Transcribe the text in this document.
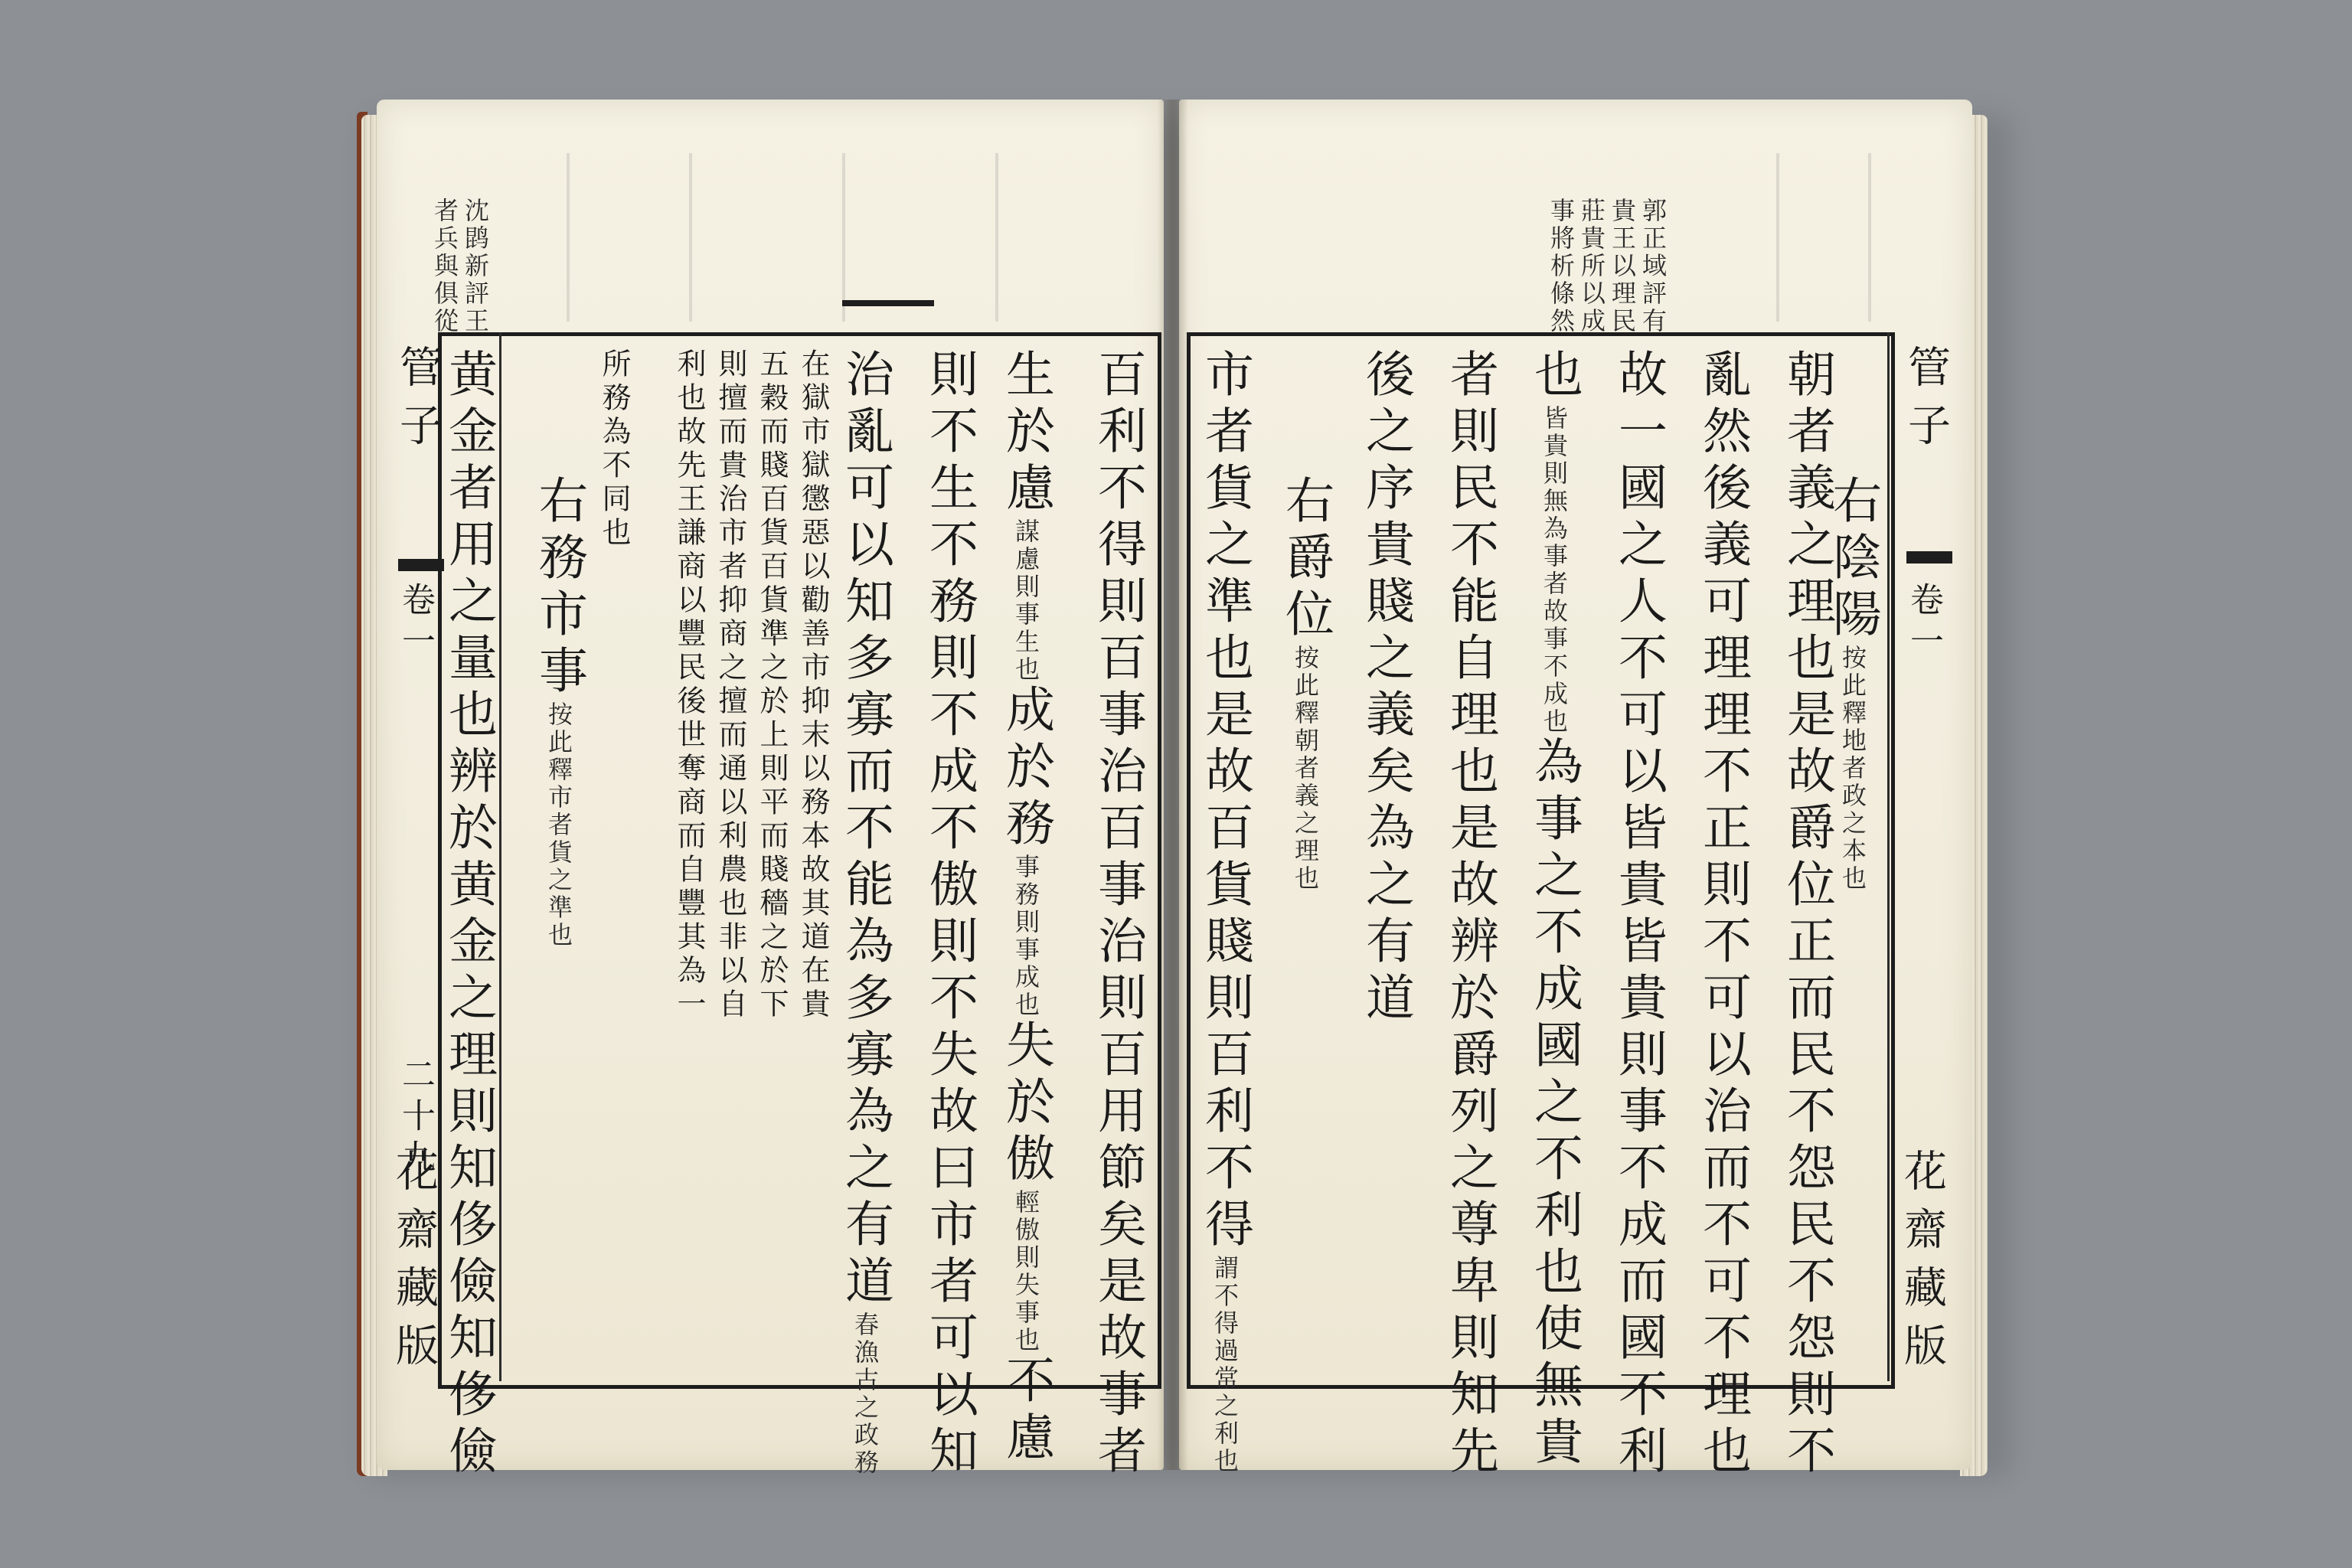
沈鹍新評王
者兵與俱從
管子
卷一
二十九
花齋藏版	百利不得則百事治百事治則百用節矣是故事者
生於慮謀慮則事生也成於務事務則事成也失於傲輕傲則失事也不慮
則不生不務則不成不傲則不失故曰市者可以知
治亂可以知多寡而不能為多寡為之有道春漁古之政務
在獄市獄懲惡以勸善市抑末以務本故其道在貴
五穀而賤百貨百貨準之於上則平而賤穡之於下
則擅而貴治市者抑商之擅而通以利農也非以自
利也故先王謙商以豐民後世奪商而自豐其為一
所務為不同也
右務市事按此釋市者貨之準也
黄金者用之量也辨於黄金之理則知侈儉知侈儉
郭正域評有
貴王以理民
莊貴所以成
事將析條然
管子
卷一
花齋藏版
朝者義之理也是故爵位正而民不怨民不怨則不
亂然後義可理理不正則不可以治而不可不理也
故一國之人不可以皆貴皆貴則事不成而國不利
也皆貴則無為事者故事不成也為事之不成國之不利也使無貴
者則民不能自理也是故辨於爵列之尊卑則知先
後之序貴賤之義矣為之有道
右爵位按此釋朝者義之理也
市者貨之準也是故百貨賤則百利不得謂不得過常之利也
右陰陽按此釋地者政之本也
